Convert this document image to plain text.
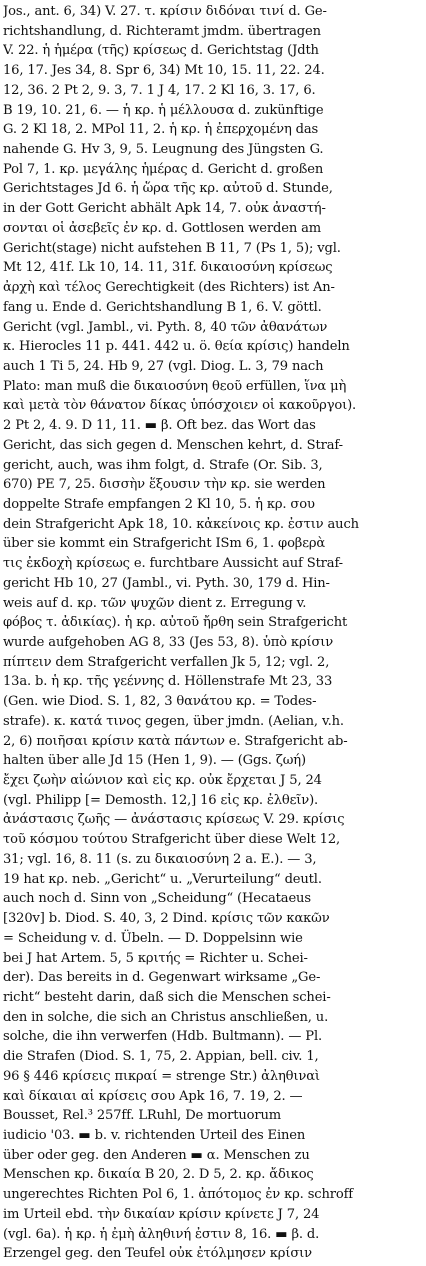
Jos., ant. 6, 34) V. 27. τ. κρίσιν διδόναι τινί d. Ge-
richtshandlung, d. Richteramt jmdm. übertragen
V. 22. ἡ ἡμέρα (τῆς) κρίσεως d. Gerichtstag (Jdth
16, 17. Jes 34, 8. Spr 6, 34) Mt 10, 15. 11, 22. 24.
12, 36. 2 Pt 2, 9. 3, 7. 1 J 4, 17. 2 Kl 16, 3. 17, 6.
B 19, 10. 21, 6. — ἡ κρ. ἡ μέλλουσα d. zukünftige
G. 2 Kl 18, 2. MPol 11, 2. ἡ κρ. ἡ ἐπερχομένη das
nahende G. Hv 3, 9, 5. Leugnung des Jüngsten G.
Pol 7, 1. κρ. μεγάλης ἡμέρας d. Gericht d. großen
Gerichtstages Jd 6. ἡ ὥρα τῆς κρ. αὐτοῦ d. Stunde,
in der Gott Gericht abhält Apk 14, 7. οὐκ ἀναστή-
σονται οἱ ἀσεβεῖς ἐν κρ. d. Gottlosen werden am
Gericht(stage) nicht aufstehen B 11, 7 (Ps 1, 5); vgl.
Mt 12, 41f. Lk 10, 14. 11, 31f. δικαιοσύνη κρίσεως
ἀρχὴ καὶ τέλος Gerechtigkeit (des Richters) ist An-
fang u. Ende d. Gerichtshandlung B 1, 6. V. göttl.
Gericht (vgl. Jambl., vi. Pyth. 8, 40 τῶν ἀθανάτων
κ. Hierocles 11 p. 441. 442 u. ö. θεία κρίσις) handeln
auch 1 Ti 5, 24. Hb 9, 27 (vgl. Diog. L. 3, 79 nach
Plato: man muß die δικαιοσύνη θεοῦ erfüllen, ἵνα μὴ
καὶ μετὰ τὸν θάνατον δίκας ὑπόσχοιεν οἱ κακοῦργοι).
2 Pt 2, 4. 9. D 11, 11. ▬ β. Oft bez. das Wort das
Gericht, das sich gegen d. Menschen kehrt, d. Straf-
gericht, auch, was ihm folgt, d. Strafe (Or. Sib. 3,
670) PE 7, 25. δισσὴν ἕξουσιν τὴν κρ. sie werden
doppelte Strafe empfangen 2 Kl 10, 5. ἡ κρ. σου
dein Strafgericht Apk 18, 10. κἀκείνοις κρ. ἐστιν auch
über sie kommt ein Strafgericht ISm 6, 1. φοβερὰ
τις ἐκδοχὴ κρίσεως e. furchtbare Aussicht auf Straf-
gericht Hb 10, 27 (Jambl., vi. Pyth. 30, 179 d. Hin-
weis auf d. κρ. τῶν ψυχῶν dient z. Erregung v.
φόβος τ. ἀδικίας). ἡ κρ. αὐτοῦ ἤρθη sein Strafgericht
wurde aufgehoben AG 8, 33 (Jes 53, 8). ὑπὸ κρίσιν
πίπτειν dem Strafgericht verfallen Jk 5, 12; vgl. 2,
13a. b. ἡ κρ. τῆς γεέννης d. Höllenstrafe Mt 23, 33
(Gen. wie Diod. S. 1, 82, 3 θανάτου κρ. = Todes-
strafe). κ. κατά τινος gegen, über jmdn. (Aelian, v.h.
2, 6) ποιῆσαι κρίσιν κατὰ πάντων e. Strafgericht ab-
halten über alle Jd 15 (Hen 1, 9). — (Ggs. ζωή)
ἔχει ζωὴν αἰώνιον καὶ εἰς κρ. οὐκ ἔρχεται J 5, 24
(vgl. Philipp [= Demosth. 12,] 16 εἰς κρ. ἐλθεῖν).
ἀνάστασις ζωῆς — ἀνάστασις κρίσεως V. 29. κρίσις
τοῦ κόσμου τούτου Strafgericht über diese Welt 12,
31; vgl. 16, 8. 11 (s. zu δικαιοσύνη 2 a. E.). — 3,
19 hat κρ. neb. „Gericht“ u. „Verurteilung“ deutl.
auch noch d. Sinn von „Scheidung“ (Hecataeus
[320v] b. Diod. S. 40, 3, 2 Dind. κρίσις τῶν κακῶν
= Scheidung v. d. Übeln. — D. Doppelsinn wie
bei J hat Artem. 5, 5 κριτής = Richter u. Schei-
der). Das bereits in d. Gegenwart wirksame „Ge-
richt“ besteht darin, daß sich die Menschen schei-
den in solche, die sich an Christus anschließen, u.
solche, die ihn verwerfen (Hdb. Bultmann). — Pl.
die Strafen (Diod. S. 1, 75, 2. Appian, bell. civ. 1,
96 § 446 κρίσεις πικραί = strenge Str.) ἀληθιναὶ
καὶ δίκαιαι αἱ κρίσεις σου Apk 16, 7. 19, 2. —
Bousset, Rel.³ 257ff. LRuhl, De mortuorum
iudicio '03. ▬ b. v. richtenden Urteil des Einen
über oder geg. den Anderen ▬ α. Menschen zu
Menschen κρ. δικαία B 20, 2. D 5, 2. κρ. ἄδικος
ungerechtes Richten Pol 6, 1. ἀπότομος ἐν κρ. schroff
im Urteil ebd. τὴν δικαίαν κρίσιν κρίνετε J 7, 24
(vgl. 6a). ἡ κρ. ἡ ἐμὴ ἀληθινή ἐστιν 8, 16. ▬ β. d.
Erzengel geg. den Teufel οὐκ ἐτόλμησεν κρίσιν
